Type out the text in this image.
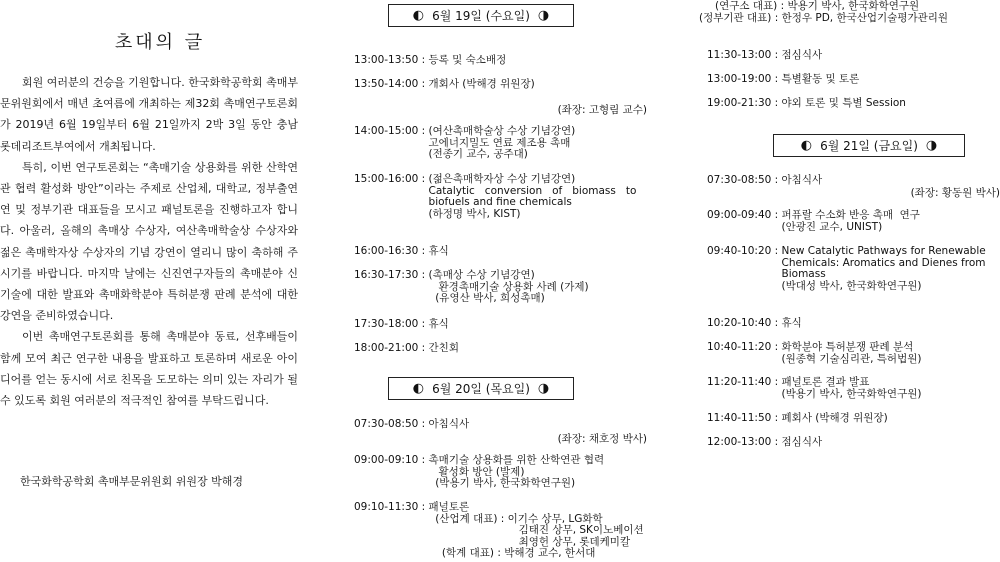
초대의 글

회원 여러분의 건승을 기원합니다. 한국화학공학회 촉매부문위원회에서 매년 초여름에 개최하는 제32회 촉매연구토론회가 2019년 6월 19일부터 6월 21일까지 2박 3일 동안 충남 롯데리조트부여에서 개최됩니다.

특히, 이번 연구토론회는 “촉매기술 상용화를 위한 산학연관 협력 활성화 방안”이라는 주제로 산업체, 대학교, 정부출연연 및 정부기관 대표들을 모시고 패널토론을 진행하고자 합니다. 아울러, 올해의 촉매상 수상자, 여산촉매학술상 수상자와 젊은 촉매학자상 수상자의 기념 강연이 열리니 많이 축하해 주시기를 바랍니다. 마지막 날에는 신진연구자들의 촉매분야 신기술에 대한 발표와 촉매화학분야 특허분쟁 판례 분석에 대한 강연을 준비하였습니다.

이번 촉매연구토론회를 통해 촉매분야 동료, 선후배들이 함께 모여 최근 연구한 내용을 발표하고 토론하며 새로운 아이디어를 얻는 동시에 서로 친목을 도모하는 의미 있는 자리가 될 수 있도록 회원 여러분의 적극적인 참여를 부탁드립니다.

한국화학공학회 촉매부문위원회 위원장 박해경
◐ 6월 19일 (수요일) ◑
13:00-13:50 : 등록 및 숙소배정
13:50-14:00 : 개회사 (박해경 위원장)
(좌장: 고형림 교수)
14:00-15:00 : (여산촉매학술상 수상 기념강연)
고에너지밀도 연료 제조용 촉매
(전종기 교수, 공주대)
15:00-16:00 : (젊은촉매학자상 수상 기념강연)
Catalytic   conversion   of   biomass   to
biofuels and fine chemicals
(하정명 박사, KIST)
16:00-16:30 : 휴식
16:30-17:30 : (촉매상 수상 기념강연)
환경촉매기술 상용화 사례 (가제)
(유영산 박사, 희성촉매)
17:30-18:00 : 휴식
18:00-21:00 : 간친회
◐ 6월 20일 (목요일) ◑
07:30-08:50 : 아침식사
(좌장: 채호정 박사)
09:00-09:10 : 촉매기술 상용화를 위한 산학연관 협력
활성화 방안 (발제)
(박용기 박사, 한국화학연구원)
09:10-11:30 : 패널토론
(산업계 대표) : 이기수 상무, LG화학
김태진 상무, SK이노베이션
최영헌 상무, 롯데케미칼
(학계 대표) : 박해경 교수, 한서대
(연구소 대표) : 박용기 박사, 한국화학연구원
(정부기관 대표) : 한정우 PD, 한국산업기술평가관리원
11:30-13:00 : 점심식사
13:00-19:00 : 특별활동 및 토론
19:00-21:30 : 야외 토론 및 특별 Session
◐ 6월 21일 (금요일) ◑
07:30-08:50 : 아침식사
(좌장: 황동원 박사)
09:00-09:40 : 퍼퓨랄 수소화 반응 촉매  연구
(안광진 교수, UNIST)
09:40-10:20 : New Catalytic Pathways for Renewable
Chemicals: Aromatics and Dienes from
Biomass
(박대성 박사, 한국화학연구원)
10:20-10:40 : 휴식
10:40-11:20 : 화학분야 특허분쟁 판례 분석
(원종혁 기술심리관, 특허법원)
11:20-11:40 : 패널토론 결과 발표
(박용기 박사, 한국화학연구원)
11:40-11:50 : 폐회사 (박해경 위원장)
12:00-13:00 : 점심식사
